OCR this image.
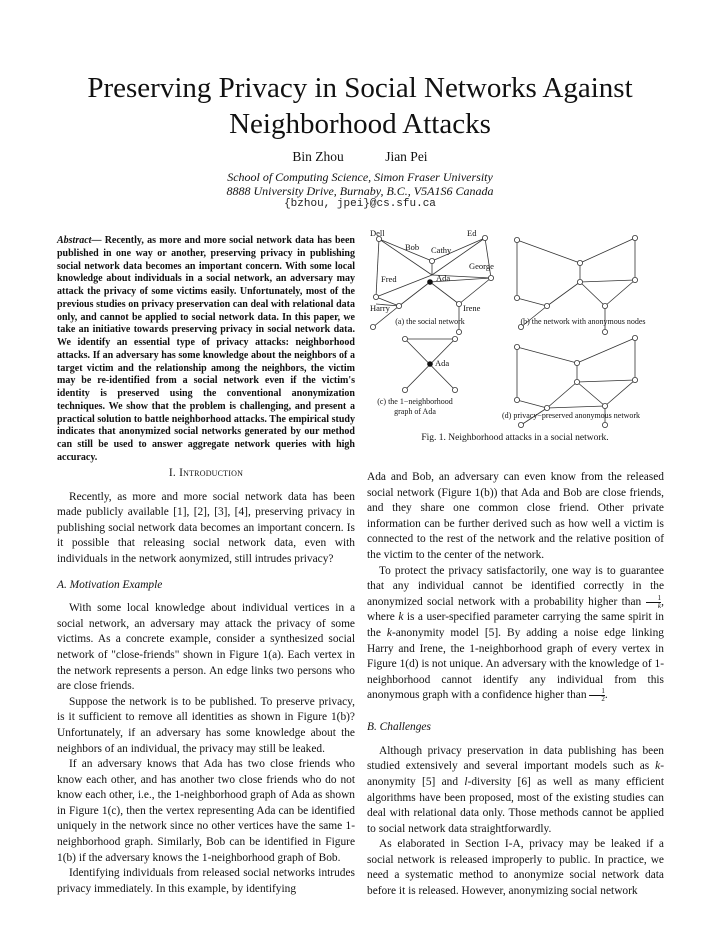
Preserving Privacy in Social Networks Against Neighborhood Attacks
Bin Zhou	Jian Pei
School of Computing Science, Simon Fraser University
8888 University Drive, Burnaby, B.C., V5A1S6 Canada
{bzhou, jpei}@cs.sfu.ca
Abstract— Recently, as more and more social network data has been published in one way or another, preserving privacy in publishing social network data becomes an important concern. With some local knowledge about individuals in a social network, an adversary may attack the privacy of some victims easily. Unfortunately, most of the previous studies on privacy preservation can deal with relational data only, and cannot be applied to social network data. In this paper, we take an initiative towards preserving privacy in social network data. We identify an essential type of privacy attacks: neighborhood attacks. If an adversary has some knowledge about the neighbors of a target victim and the relationship among the neighbors, the victim may be re-identified from a social network even if the victim's identity is preserved using the conventional anonymization techniques. We show that the problem is challenging, and present a practical solution to battle neighborhood attacks. The empirical study indicates that anonymized social networks generated by our method can still be used to answer aggregate network queries with high accuracy.
Dell	Ed
Bob Cathy
George
Fred	Ada
Harry	Irene
Ada
(a) the social network	(b) the network with anonymous nodes
(c) the 1−neighborhood
graph of Ada	(d) privacy−preserved anonymous network
Fig. 1. Neighborhood attacks in a social network.
I. Introduction

Recently, as more and more social network data has been made publicly available [1], [2], [3], [4], preserving privacy in publishing social network data becomes an important concern. Is it possible that releasing social network data, even with individuals in the network aonymized, still intrudes privacy?

A. Motivation Example

With some local knowledge about individual vertices in a social network, an adversary may attack the privacy of some victims. As a concrete example, consider a synthesized social network of "close-friends" shown in Figure 1(a). Each vertex in the network represents a person. An edge links two persons who are close friends.

Suppose the network is to be published. To preserve privacy, is it sufficient to remove all identities as shown in Figure 1(b)? Unfortunately, if an adversary has some knowledge about the neighbors of an individual, the privacy may still be leaked.

If an adversary knows that Ada has two close friends who know each other, and has another two close friends who do not know each other, i.e., the 1-neighborhood graph of Ada as shown in Figure 1(c), then the vertex representing Ada can be identified uniquely in the network since no other vertices have the same 1-neighborhood graph. Similarly, Bob can be identified in Figure 1(b) if the adversary knows the 1-neighborhood graph of Bob.

Identifying individuals from released social networks intrudes privacy immediately. In this example, by identifying

Ada and Bob, an adversary can even know from the released social network (Figure 1(b)) that Ada and Bob are close friends, and they share one common close friend. Other private information can be further derived such as how well a victim is connected to the rest of the network and the relative position of the victim to the center of the network.

To protect the privacy satisfactorily, one way is to guarantee that any individual cannot be identified correctly in the anonymized social network with a probability higher than $\frac{1}{k}$ , where k is a user-specified parameter carrying the same spirit in the k-anonymity model [5]. By adding a noise edge linking Harry and Irene, the 1-neighborhood graph of every vertex in Figure 1(d) is not unique. An adversary with the knowledge of 1-neighborhood cannot identify any individual from this anonymous graph with a confidence higher than $\frac{1}{2}$ .

B. Challenges

Although privacy preservation in data publishing has been studied extensively and several important models such as k-anonymity [5] and l-diversity [6] as well as many efficient algorithms have been proposed, most of the existing studies can deal with relational data only. Those methods cannot be applied to social network data straightforwardly.

As elaborated in Section I-A, privacy may be leaked if a social network is released improperly to public. In practice, we need a systematic method to anonymize social network data before it is released. However, anonymizing social network
